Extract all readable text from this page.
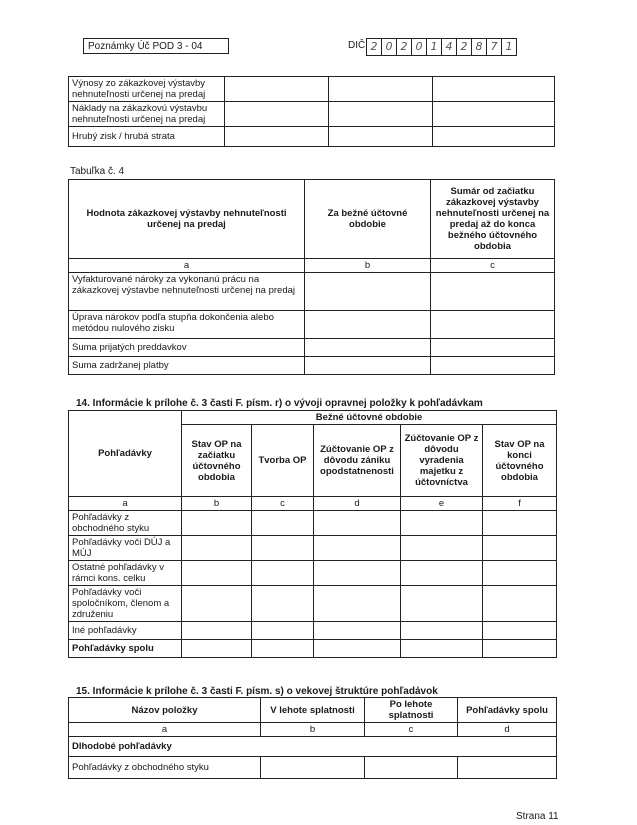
Poznámky Úč POD 3 - 04	DIČ 2 0 2 0 1 4 2 8 7 1
Výnosy zo zákazkovej výstavby nehnuteľnosti určenej na predaj			
Náklady na zákazkovú výstavbu nehnuteľnosti určenej na predaj			
Hrubý zisk / hrubá strata			
Tabuľka č. 4
Hodnota zákazkovej výstavby nehnuteľnosti určenej na predaj	Za bežné účtovné obdobie	Sumár od začiatku zákazkovej výstavby nehnuteľnosti určenej na predaj až do konca bežného účtovného obdobia
a	b	c
Vyfakturované nároky za vykonanú prácu na zákazkovej výstavbe nehnuteľnosti určenej na predaj		
Úprava nárokov podľa stupňa dokončenia alebo metódou nulového zisku		
Suma prijatých preddavkov		
Suma zadržanej platby		
14. Informácie k prílohe č. 3 časti F. písm. r) o vývoji opravnej položky k pohľadávkam
Pohľadávky	Bežné účtovné obdobie				
	Stav OP na začiatku účtovného obdobia	Tvorba OP	Zúčtovanie OP z dôvodu zániku opodstatnenosti	Zúčtovanie OP z dôvodu vyradenia majetku z účtovníctva	Stav OP na konci účtovného obdobia
a	b	c	d	e	f
Pohľadávky z obchodného styku					
Pohľadávky voči DÚJ a MÚJ					
Ostatné pohľadávky v rámci kons. celku					
Pohľadávky voči spoločníkom, členom a združeniu					
Iné pohľadávky					
Pohľadávky spolu					
15. Informácie k prílohe č. 3 časti F. písm. s) o vekovej štruktúre pohľadávok
Názov položky	V lehote splatnosti	Po lehote splatnosti	Pohľadávky spolu
a	b	c	d
Dlhodobé pohľadávky			
Pohľadávky z obchodného styku			
Strana 11
